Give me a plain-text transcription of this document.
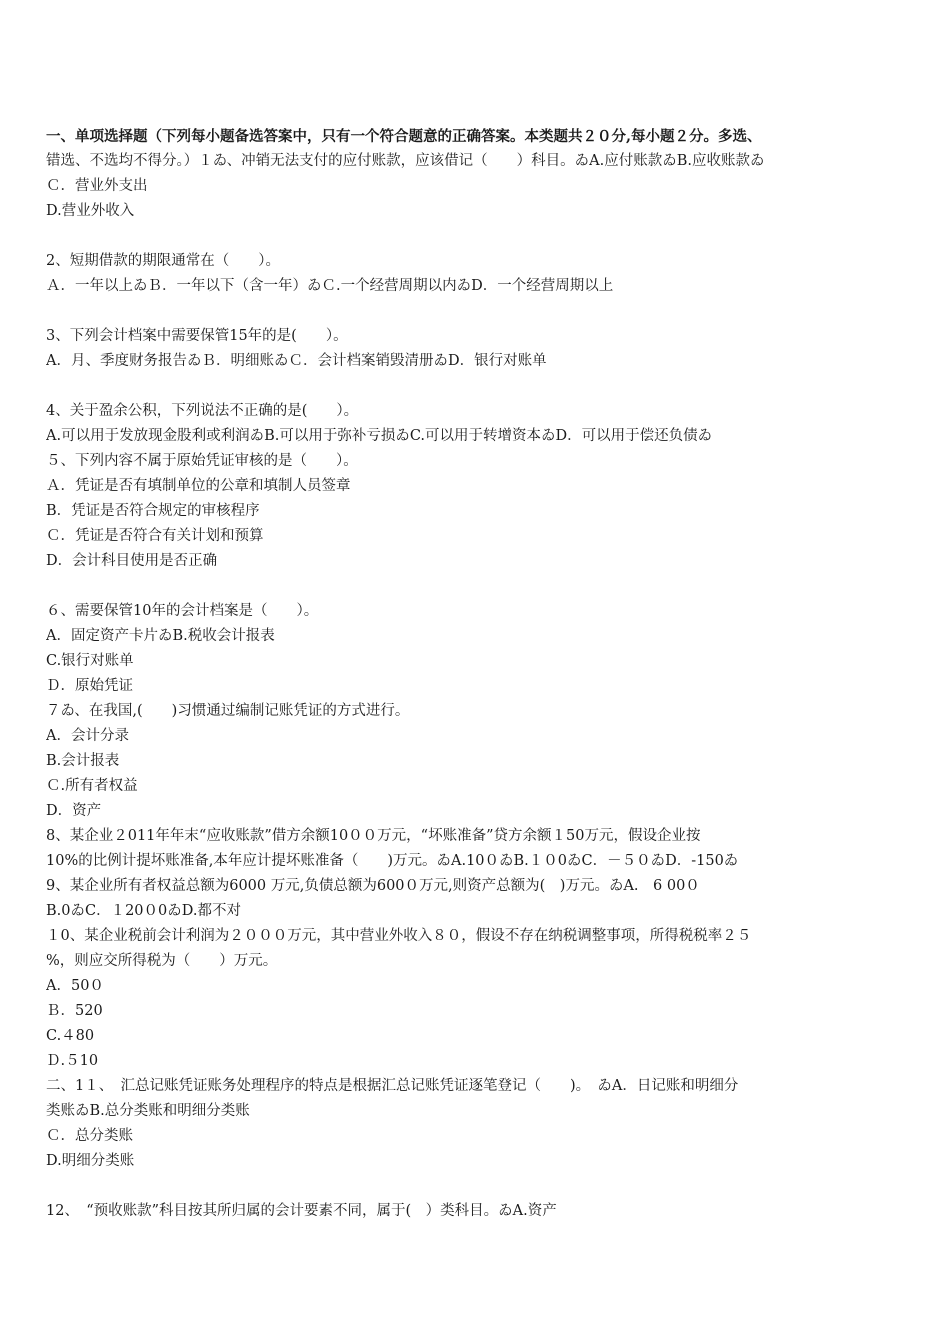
一、单项选择题（下列每小题备选答案中，只有一个符合题意的正确答案。本类题共２０分,每小题２分。多选、
错选、不选均不得分。）１ゐ、冲销无法支付的应付账款，应该借记（　　）科目。ゐA.应付账款ゐB.应收账款ゐ
Ｃ．营业外支出
D.营业外收入
2、短期借款的期限通常在（　　）。
Ａ．一年以上ゐＢ．一年以下（含一年）ゐＣ.一个经营周期以内ゐD．一个经营周期以上
3、下列会计档案中需要保管15年的是(　　）。
A．月、季度财务报告ゐＢ．明细账ゐＣ．会计档案销毁清册ゐD．银行对账单
4、关于盈余公积，下列说法不正确的是(　　）。
A.可以用于发放现金股利或利润ゐB.可以用于弥补亏损ゐC.可以用于转增资本ゐD．可以用于偿还负债ゐ
５、下列内容不属于原始凭证审核的是（　　）。
Ａ．凭证是否有填制单位的公章和填制人员签章
B．凭证是否符合规定的审核程序
Ｃ．凭证是否符合有关计划和预算
D．会计科目使用是否正确
６、需要保管10年的会计档案是（　　）。
A．固定资产卡片ゐB.税收会计报表
C.银行对账单
Ｄ．原始凭证
７ゐ、在我国,(　　)习惯通过编制记账凭证的方式进行。
A．会计分录
B.会计报表
Ｃ.所有者权益
D．资产
8、某企业２011年年末“应收账款”借方余额10００万元，“坏账准备”贷方余额１50万元，假设企业按
10%的比例计提坏账准备,本年应计提坏账准备（　　)万元。ゐA.10０ゐB.１０0ゐC．－５０ゐD．-150ゐ
9、某企业所有者权益总额为6000 万元,负债总额为600０万元,则资产总额为(　)万元。ゐA.　6 00０
B.0ゐC．１20０0ゐD.都不对
１0、某企业税前会计利润为２０００万元，其中营业外收入８０，假设不存在纳税调整事项，所得税税率２５
%，则应交所得税为（　　）万元。
A．50０
Ｂ．520
C.４80
Ｄ.５10
二、1１、　汇总记账凭证账务处理程序的特点是根据汇总记账凭证逐笔登记（　　)。　ゐA．日记账和明细分
类账ゐB.总分类账和明细分类账
Ｃ．总分类账
D.明细分类账
12、　“预收账款”科目按其所归属的会计要素不同，属于(　）类科目。ゐA.资产
